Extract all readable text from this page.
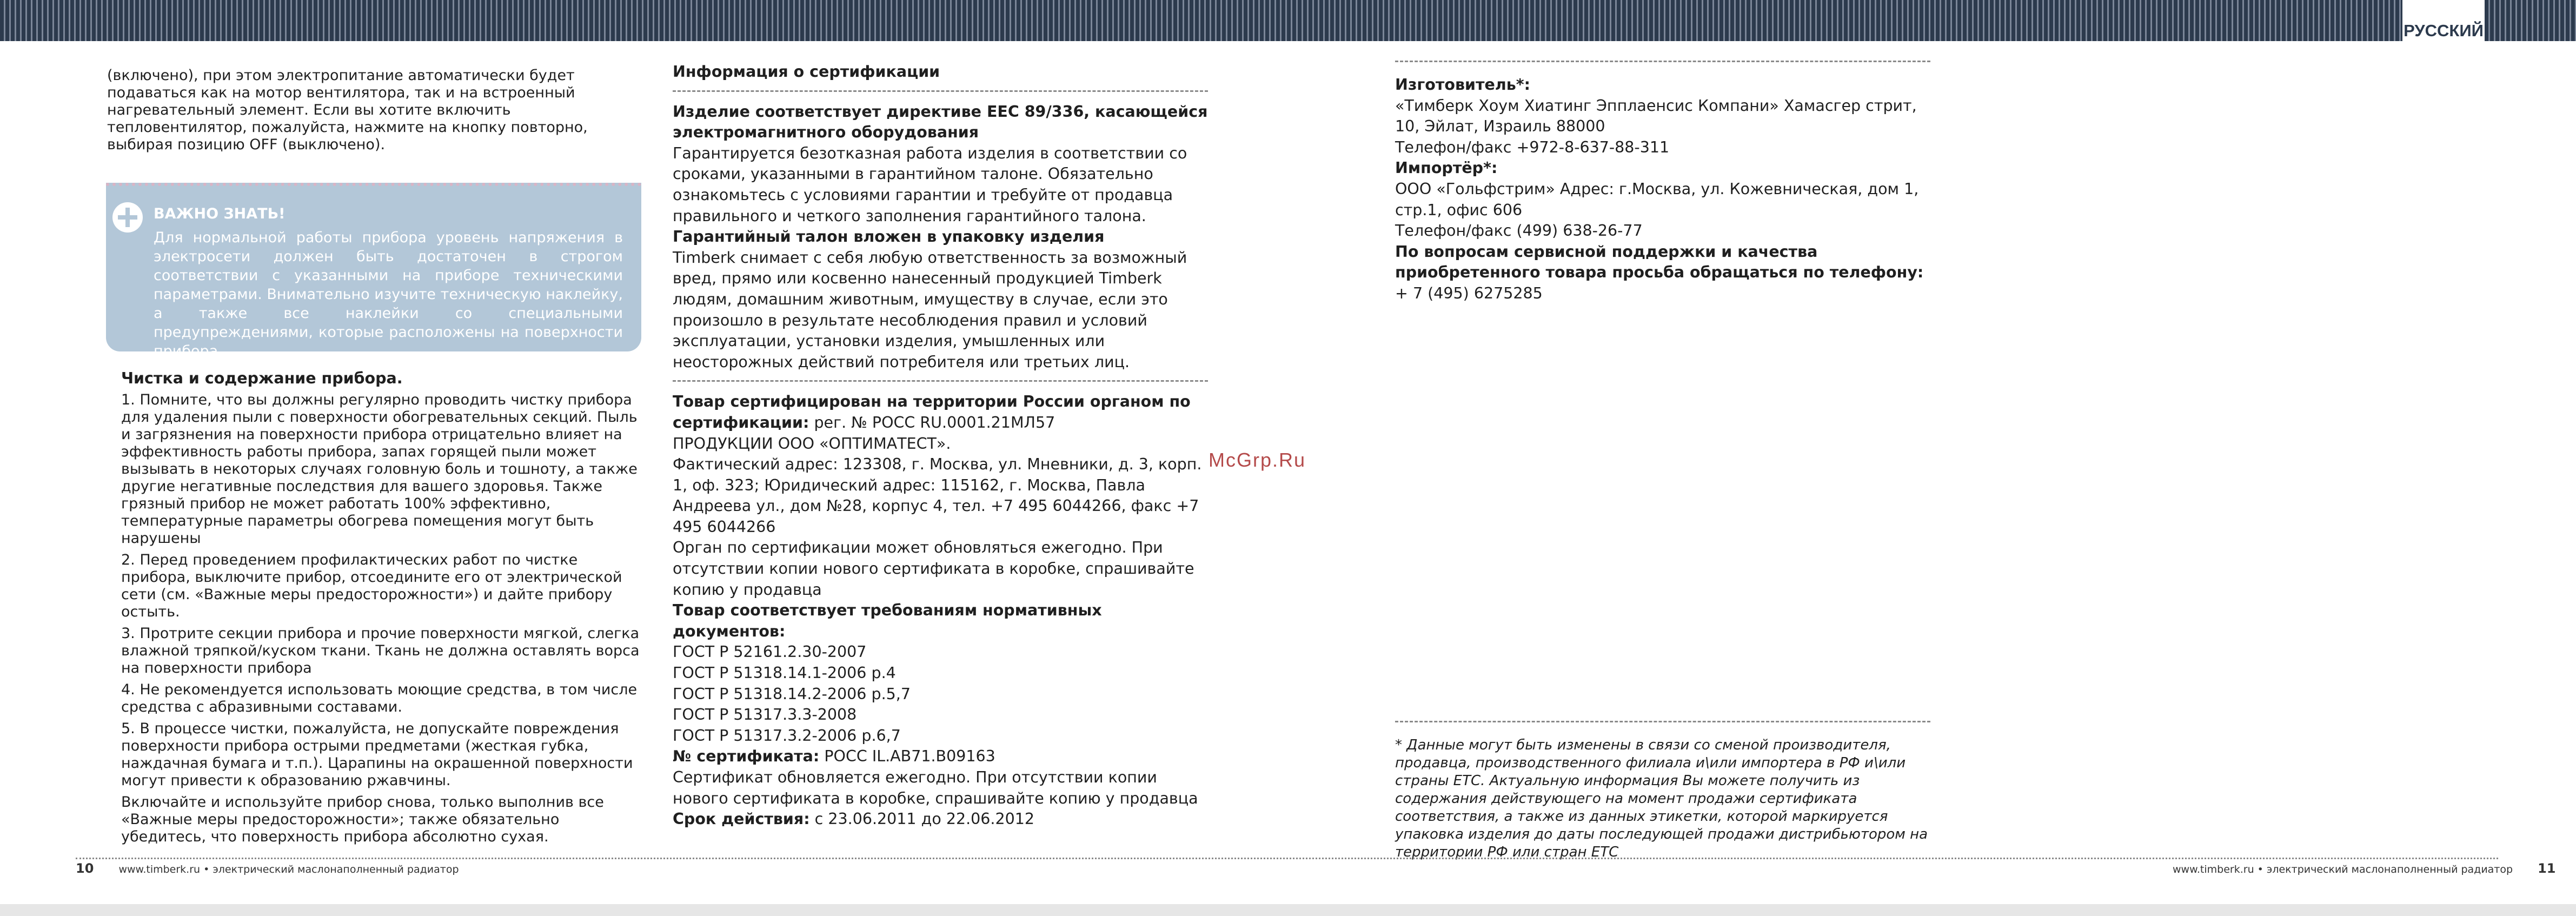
РУССКИЙ

(включено), при этом электропитание автоматически будет подаваться как на мотор вентилятора, так и на встроенный нагревательный элемент. Если вы хотите включить тепловентилятор, пожалуйста, нажмите на кнопку повторно, выбирая позицию OFF (выключено).

Чистка и содержание прибора.

1. Помните, что вы должны регулярно проводить чистку прибора для удаления пыли с поверхности обогревательных секций. Пыль и загрязнения на поверхности прибора отрицательно влияет на эффективность работы прибора, запах горящей пыли может вызывать в некоторых случаях головную боль и тошноту, а также другие негативные последствия для вашего здоровья. Также грязный прибор не может работать 100% эффективно, температурные параметры обогрева помещения могут быть нарушены

2. Перед проведением профилактических работ по чистке прибора, выключите прибор, отсоедините его от электрической сети (см. «Важные меры предосторожности») и дайте прибору остыть.

3. Протрите секции прибора и прочие поверхности мягкой, слегка влажной тряпкой/куском ткани. Ткань не должна оставлять ворса на поверхности прибора

4. Не рекомендуется использовать моющие средства, в том числе средства с абразивными составами.

5. В процессе чистки, пожалуйста, не допускайте повреждения поверхности прибора острыми предметами (жесткая губка, наждачная бумага и т.п.). Царапины на окрашенной поверхности могут привести к образованию ржавчины.

Включайте и используйте прибор снова, только выполнив все «Важные меры предосторожности»; также обязательно убедитесь, что поверхность прибора абсолютно сухая.

ВАЖНО ЗНАТЬ!
Для нормальной работы прибора уровень напряжения в электросети должен быть достаточен в строгом соответствии с указанными на приборе техническими параметрами. Внимательно изучите техническую наклейку, а также все наклейки со специальными предупреждениями, которые расположены на поверхности прибора.

Информация о сертификации

Изделие соответствует директиве ЕЕС 89/336, касающейся электромагнитного оборудования

Гарантируется безотказная работа изделия в соответствии со сроками, указанными в гарантийном талоне. Обязательно ознакомьтесь с условиями гарантии и требуйте от продавца правильного и четкого заполнения гарантийного талона.

Гарантийный талон вложен в упаковку изделия

Timberk снимает с себя любую ответственность за возможный вред, прямо или косвенно нанесенный продукцией Timberk людям, домашним животным, имуществу в случае, если это произошло в результате несоблюдения правил и условий эксплуатации, установки изделия, умышленных или неосторожных действий потребителя или третьих лиц.

Товар сертифицирован на территории России органом по сертификации: рег. № РОСС RU.0001.21МЛ57

ПРОДУКЦИИ ООО «ОПТИМАТЕСТ».

Фактический адрес: 123308, г. Москва, ул. Мневники, д. 3, корп. 1, оф. 323; Юридический адрес: 115162, г. Москва, Павла Андреева ул., дом №28, корпус 4, тел. +7 495 6044266, факс +7 495 6044266

Орган по сертификации может обновляться ежегодно. При отсутствии копии нового сертификата в коробке, спрашивайте копию у продавца

Товар соответствует требованиям нормативных документов:

ГОСТ Р 52161.2.30-2007

ГОСТ Р 51318.14.1-2006 р.4

ГОСТ Р 51318.14.2-2006 р.5,7

ГОСТ Р 51317.3.3-2008

ГОСТ Р 51317.3.2-2006 р.6,7

№ сертификата: РОСС IL.АВ71.В09163

Сертификат обновляется ежегодно. При отсутствии копии нового сертификата в коробке, спрашивайте копию у продавца

Срок действия: с 23.06.2011 до 22.06.2012

McGrp.Ru

Изготовитель*:

«Тимберк Хоум Хиатинг Эпплаенсис Компани» Хамасгер стрит, 10, Эйлат, Израиль 88000

Телефон/факс +972-8-637-88-311

Импортёр*:

ООО «Гольфстрим» Адрес: г.Москва, ул. Кожевническая, дом 1, стр.1, офис 606

Телефон/факс (499) 638-26-77

По вопросам сервисной поддержки и качества приобретенного товара просьба обращаться по телефону:

+ 7 (495) 6275285

* Данные могут быть изменены в связи со сменой производителя, продавца, производственного филиала и\или импортера в РФ и\или страны ЕТС. Актуальную информация Вы можете получить из содержания действующего на момент продажи сертификата соответствия, а также из данных этикетки, которой маркируется упаковка изделия до даты последующей продажи дистрибьютором на территории РФ или стран ЕТС
10 www.timberk.ru • электрический маслонаполненный радиатор	www.timberk.ru • электрический маслонаполненный радиатор 11
